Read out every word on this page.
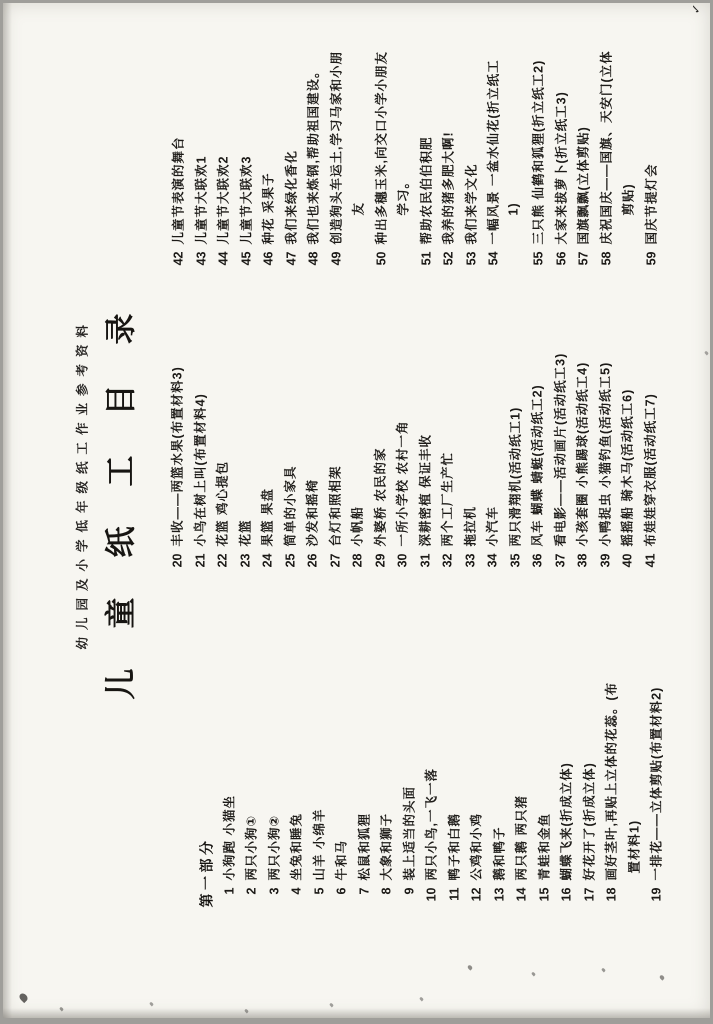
幼儿园及小学低年级纸工作业参考资料 儿童纸工目录
第一部分 1小狗跑 小猫坐
2两只小狗①
3两只小狗②
4坐兔和睡兔
5山羊 小绵羊
6牛和马
7松鼠和狐狸
8大象和狮子
9装上适当的头面
10两只小鸟,一飞一落
11鸭子和白鹅
12公鸡和小鸡
13鹅和鸭子
14两只鹅 两只猪
15青蛙和金鱼
16蝴蝶飞来(折成立体)
17好花开了(折成立体)
18画好茎叶,再贴上立体的花蕊。(布 置材料1)
19一排花——立体剪贴(布置材料2)
20丰收——两篮水果(布置材料3)
21小鸟在树上叫(布置材料4)
22花篮 鸡心提包
23花篮
24果篮 果盘
25简单的小家具
26沙发和摇椅
27台灯和照相架
28小帆船
29外婆桥 农民的家
30一所小学校 农村一角
31深耕密植 保证丰收
32两个工厂生产忙
33拖拉机
34小汽车
35两只滑翔机(活动纸工1)
36风车 蝴蝶 蜻蜓(活动纸工2)
37看电影——活动画片(活动纸工3)
38小孩套圈 小熊踢球(活动纸工4)
39小鸭捉虫 小猫钓鱼(活动纸工5)
40摇摇船 骑木马(活动纸工6)
41布娃娃穿衣服(活动纸工7)
42儿童节表演的舞台
43儿童节大联欢1
44儿童节大联欢2
45儿童节大联欢3
46种花 采果子
47我们来绿化香化
48我们也来炼钢,帮助祖国建设。
49创造狗头车运土,学习马家和小朋 友
50种出多穗玉米,向交口小学小朋友 学习。
51帮助农民伯伯积肥
52我养的猪多肥大啊!
53我们来学文化
54一幅风景 一盆水仙花(折立纸工 1)
55三只熊 仙鹤和狐狸(折立纸工2)
56大家来拔萝卜(折立纸工3)
57国旗飘飘(立体剪贴)
58庆祝国庆——国旗、天安门(立体 剪贴)
59国庆节提灯会
✓
